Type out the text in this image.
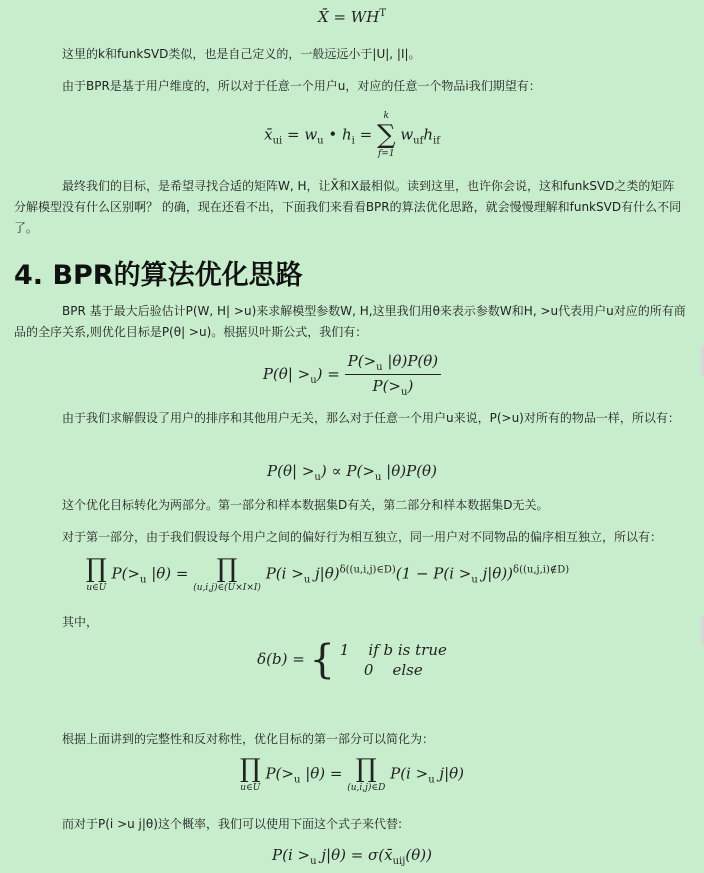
X̄ = $WH^T$

这里的k和funkSVD类似，也是自己定义的，一般远远小于|U|, |I|。

由于BPR是基于用户维度的，所以对于任意一个用户u，对应的任意一个物品i我们期望有：

$x̄_{ui} = w_u$ • $h_i$ =
k
∑
f=1
$w_{uf}h_{if}$

最终我们的目标，是希望寻找合适的矩阵W, H，让X̄和X最相似。读到这里，也许你会说，这和funkSVD之类的矩阵分解模型没有什么区别啊？ 的确，现在还看不出，下面我们来看看BPR的算法优化思路，就会慢慢理解和funkSVD有什么不同了。

4. BPR的算法优化思路

BPR 基于最大后验估计P(W, H| >u)来求解模型参数W, H,这里我们用θ来表示参数W和H, >u代表用户u对应的所有商品的全序关系,则优化目标是P(θ| >u)。根据贝叶斯公式，我们有：

$P(\theta| >_u) = \frac{P(>_u |\theta)P(\theta)}{P(>_u)}$

由于我们求解假设了用户的排序和其他用户无关，那么对于任意一个用户u来说，P(>u)对所有的物品一样，所以有：

$P(\theta| >_u) \propto P(>_u$ |θ)P(θ)

这个优化目标转化为两部分。第一部分和样本数据集D有关，第二部分和样本数据集D无关。

对于第一部分，由于我们假设每个用户之间的偏好行为相互独立，同一用户对不同物品的偏序相互独立，所以有：

∏
u∈U
$P(>_u$ |θ) = ∏
(u,i,j)∈(U×I×I)
$P(i >_u$ $j|\theta)^{\delta((u,i,j)\in D)}(1 - P(i >_u$ j|θ))$^{\delta((u,j,i)\notin D)}$

其中，

δ(b) = { 1    if b is true
0    else

根据上面讲到的完整性和反对称性，优化目标的第一部分可以简化为：

∏
u∈U
$P(>_u$ |θ) = ∏
(u,i,j)∈D
$P(i >_u$ j|θ)

而对于P(i >u j|θ)这个概率，我们可以使用下面这个式子来代替:

$P(i >_u$ $j|\theta) = \sigma(x̄_{uij}(\theta))$
